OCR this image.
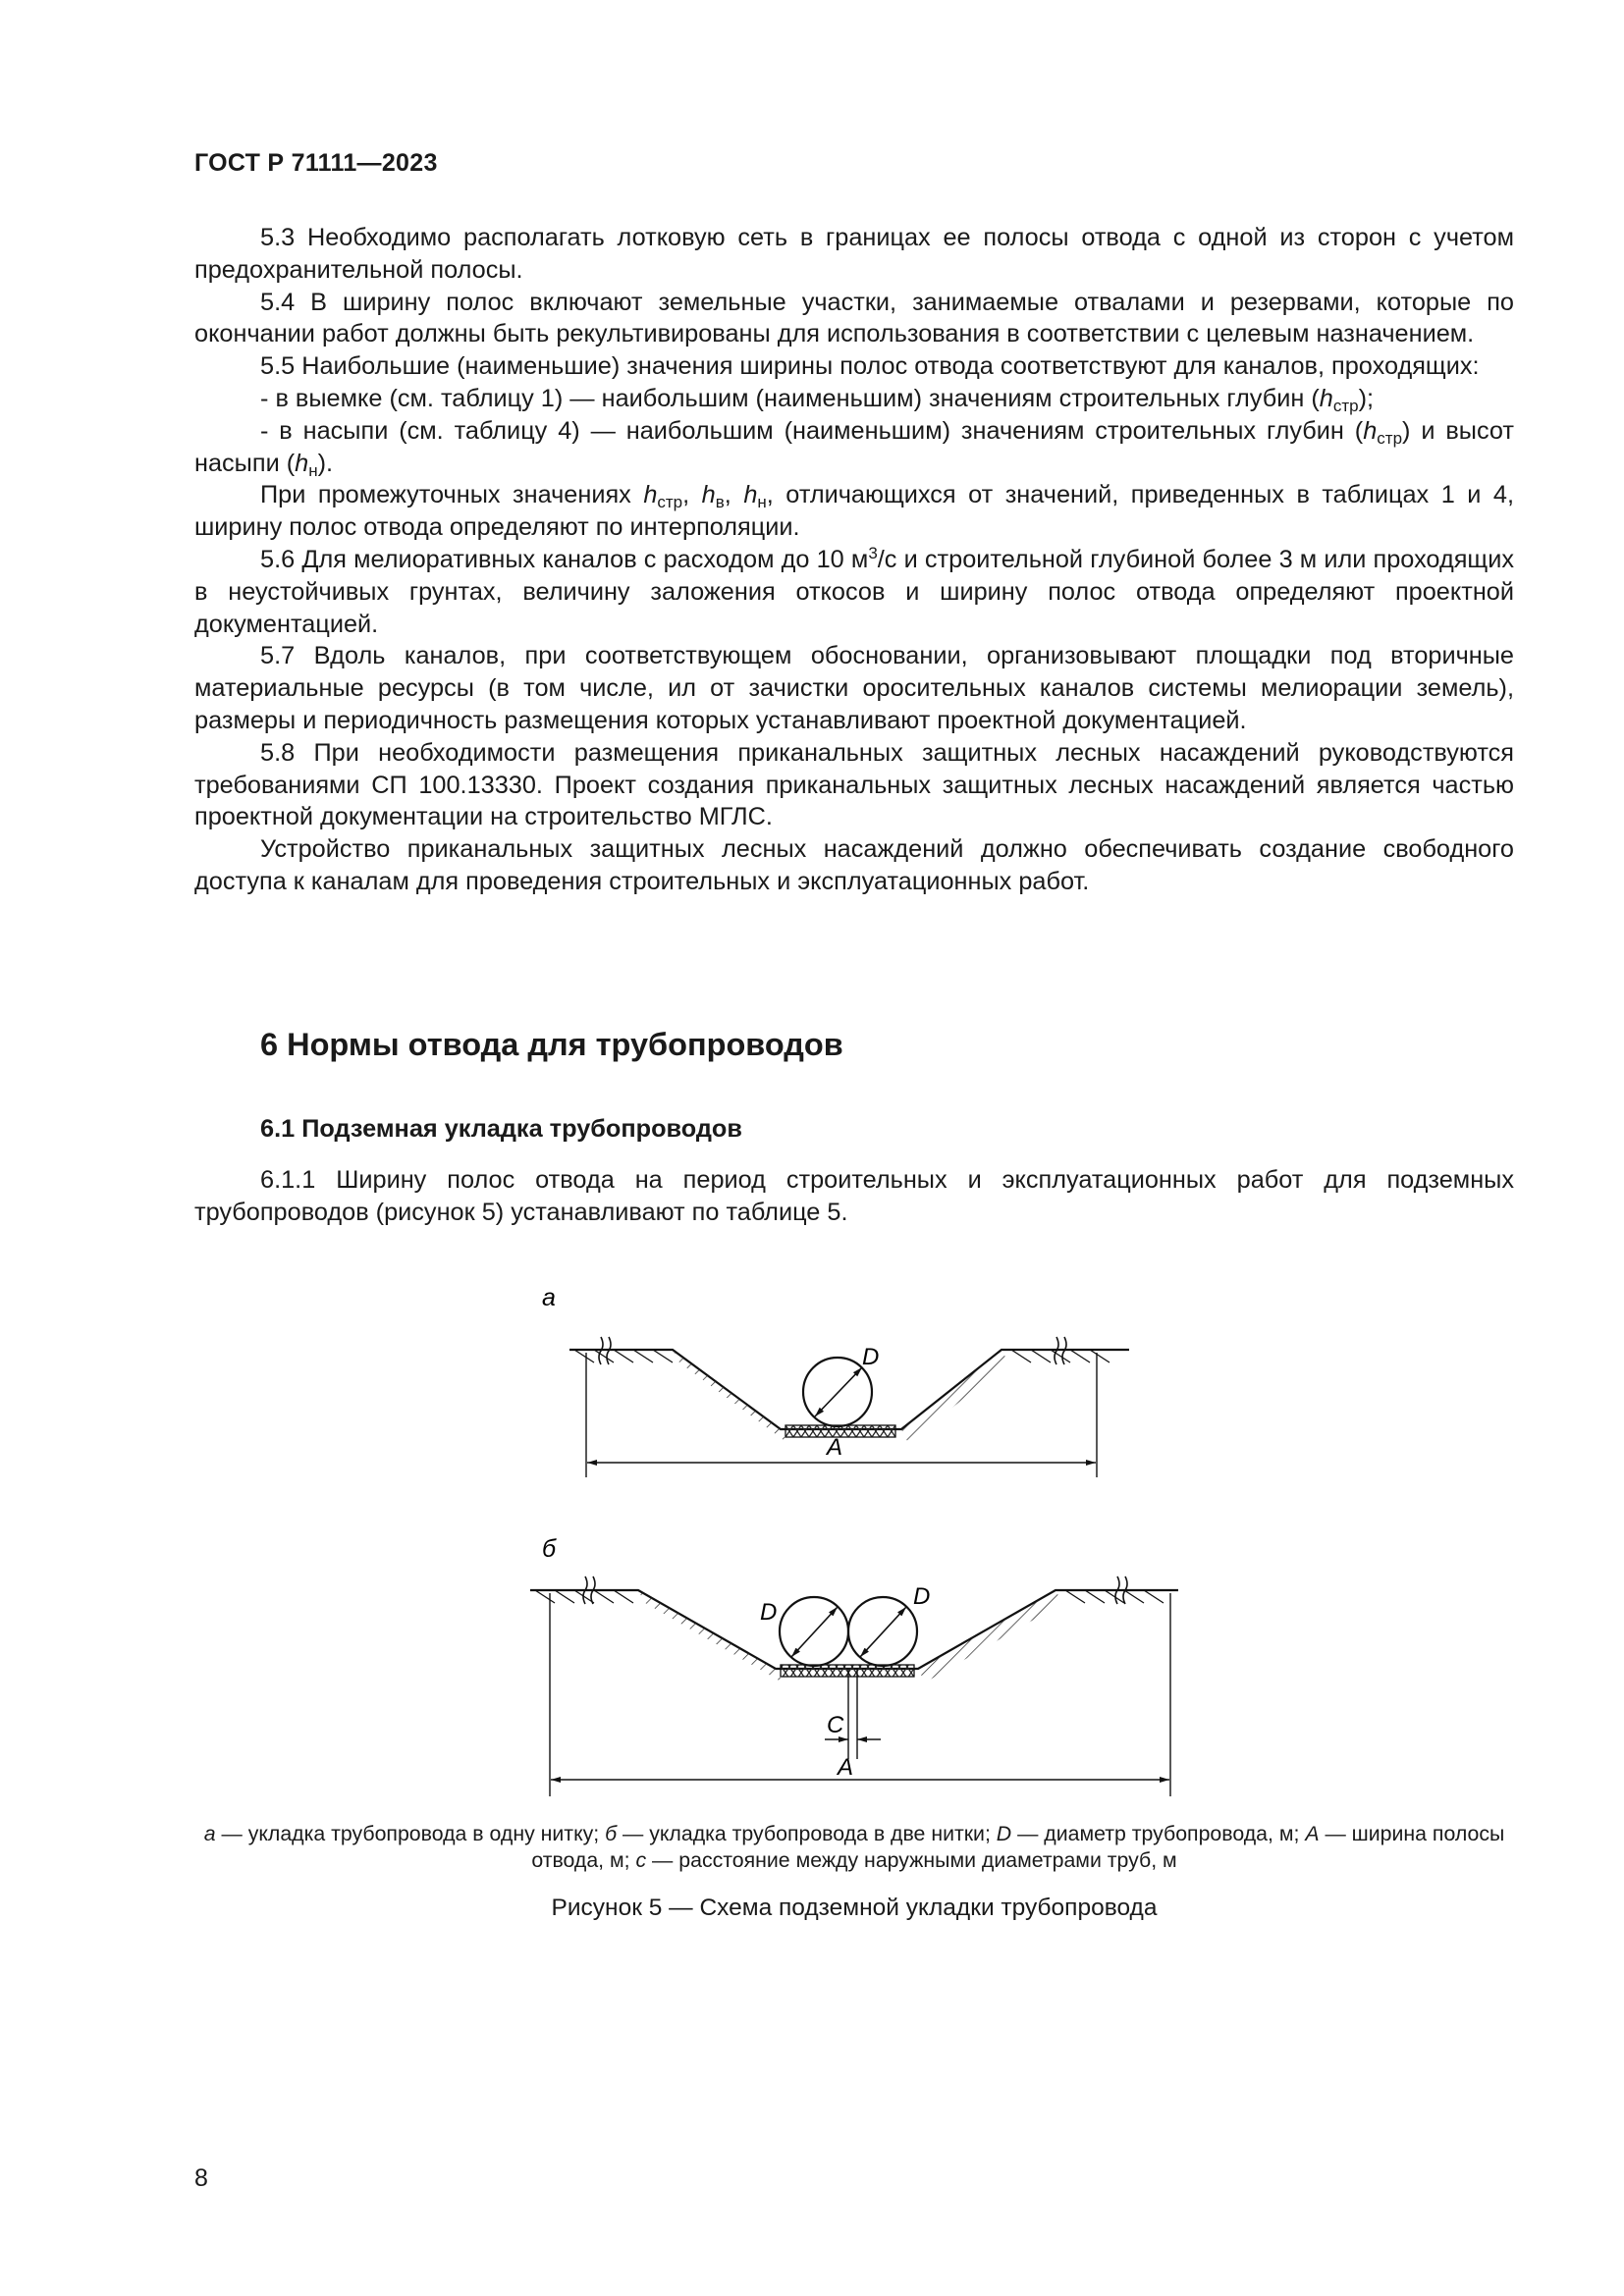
ГОСТ Р 71111—2023

5.3 Необходимо располагать лотковую сеть в границах ее полосы отвода с одной из сторон с учетом предохранительной полосы.

5.4 В ширину полос включают земельные участки, занимаемые отвалами и резервами, которые по окончании работ должны быть рекультивированы для использования в соответствии с целевым назначением.

5.5 Наибольшие (наименьшие) значения ширины полос отвода соответствуют для каналов, проходящих:

- в выемке (см. таблицу 1) — наибольшим (наименьшим) значениям строительных глубин $(h_{стр})$;

- в насыпи (см. таблицу 4) — наибольшим (наименьшим) значениям строительных глубин $(h_{стр})$ и высот насыпи $(h_н)$.

При промежуточных значениях $h_{стр}$, $h_в$, $h_н$, отличающихся от значений, приведенных в таблицах 1 и 4, ширину полос отвода определяют по интерполяции.

5.6 Для мелиоративных каналов с расходом до 10 $м^3/с$ и строительной глубиной более 3 м или проходящих в неустойчивых грунтах, величину заложения откосов и ширину полос отвода определяют проектной документацией.

5.7 Вдоль каналов, при соответствующем обосновании, организовывают площадки под вторичные материальные ресурсы (в том числе, ил от зачистки оросительных каналов системы мелиорации земель), размеры и периодичность размещения которых устанавливают проектной документацией.

5.8 При необходимости размещения приканальных защитных лесных насаждений руководствуются требованиями СП 100.13330. Проект создания приканальных защитных лесных насаждений является частью проектной документации на строительство МГЛС.

Устройство приканальных защитных лесных насаждений должно обеспечивать создание свободного доступа к каналам для проведения строительных и эксплуатационных работ.

6 Нормы отвода для трубопроводов
6.1 Подземная укладка трубопроводов

6.1.1 Ширину полос отвода на период строительных и эксплуатационных работ для подземных трубопроводов (рисунок 5) устанавливают по таблице 5.

а
D
A
б
D
D
C
A
а — укладка трубопровода в одну нитку; б — укладка трубопровода в две нитки; D — диаметр трубопровода, м; А — ширина полосы отвода, м; с — расстояние между наружными диаметрами труб, м
Рисунок 5 — Схема подземной укладки трубопровода
8
